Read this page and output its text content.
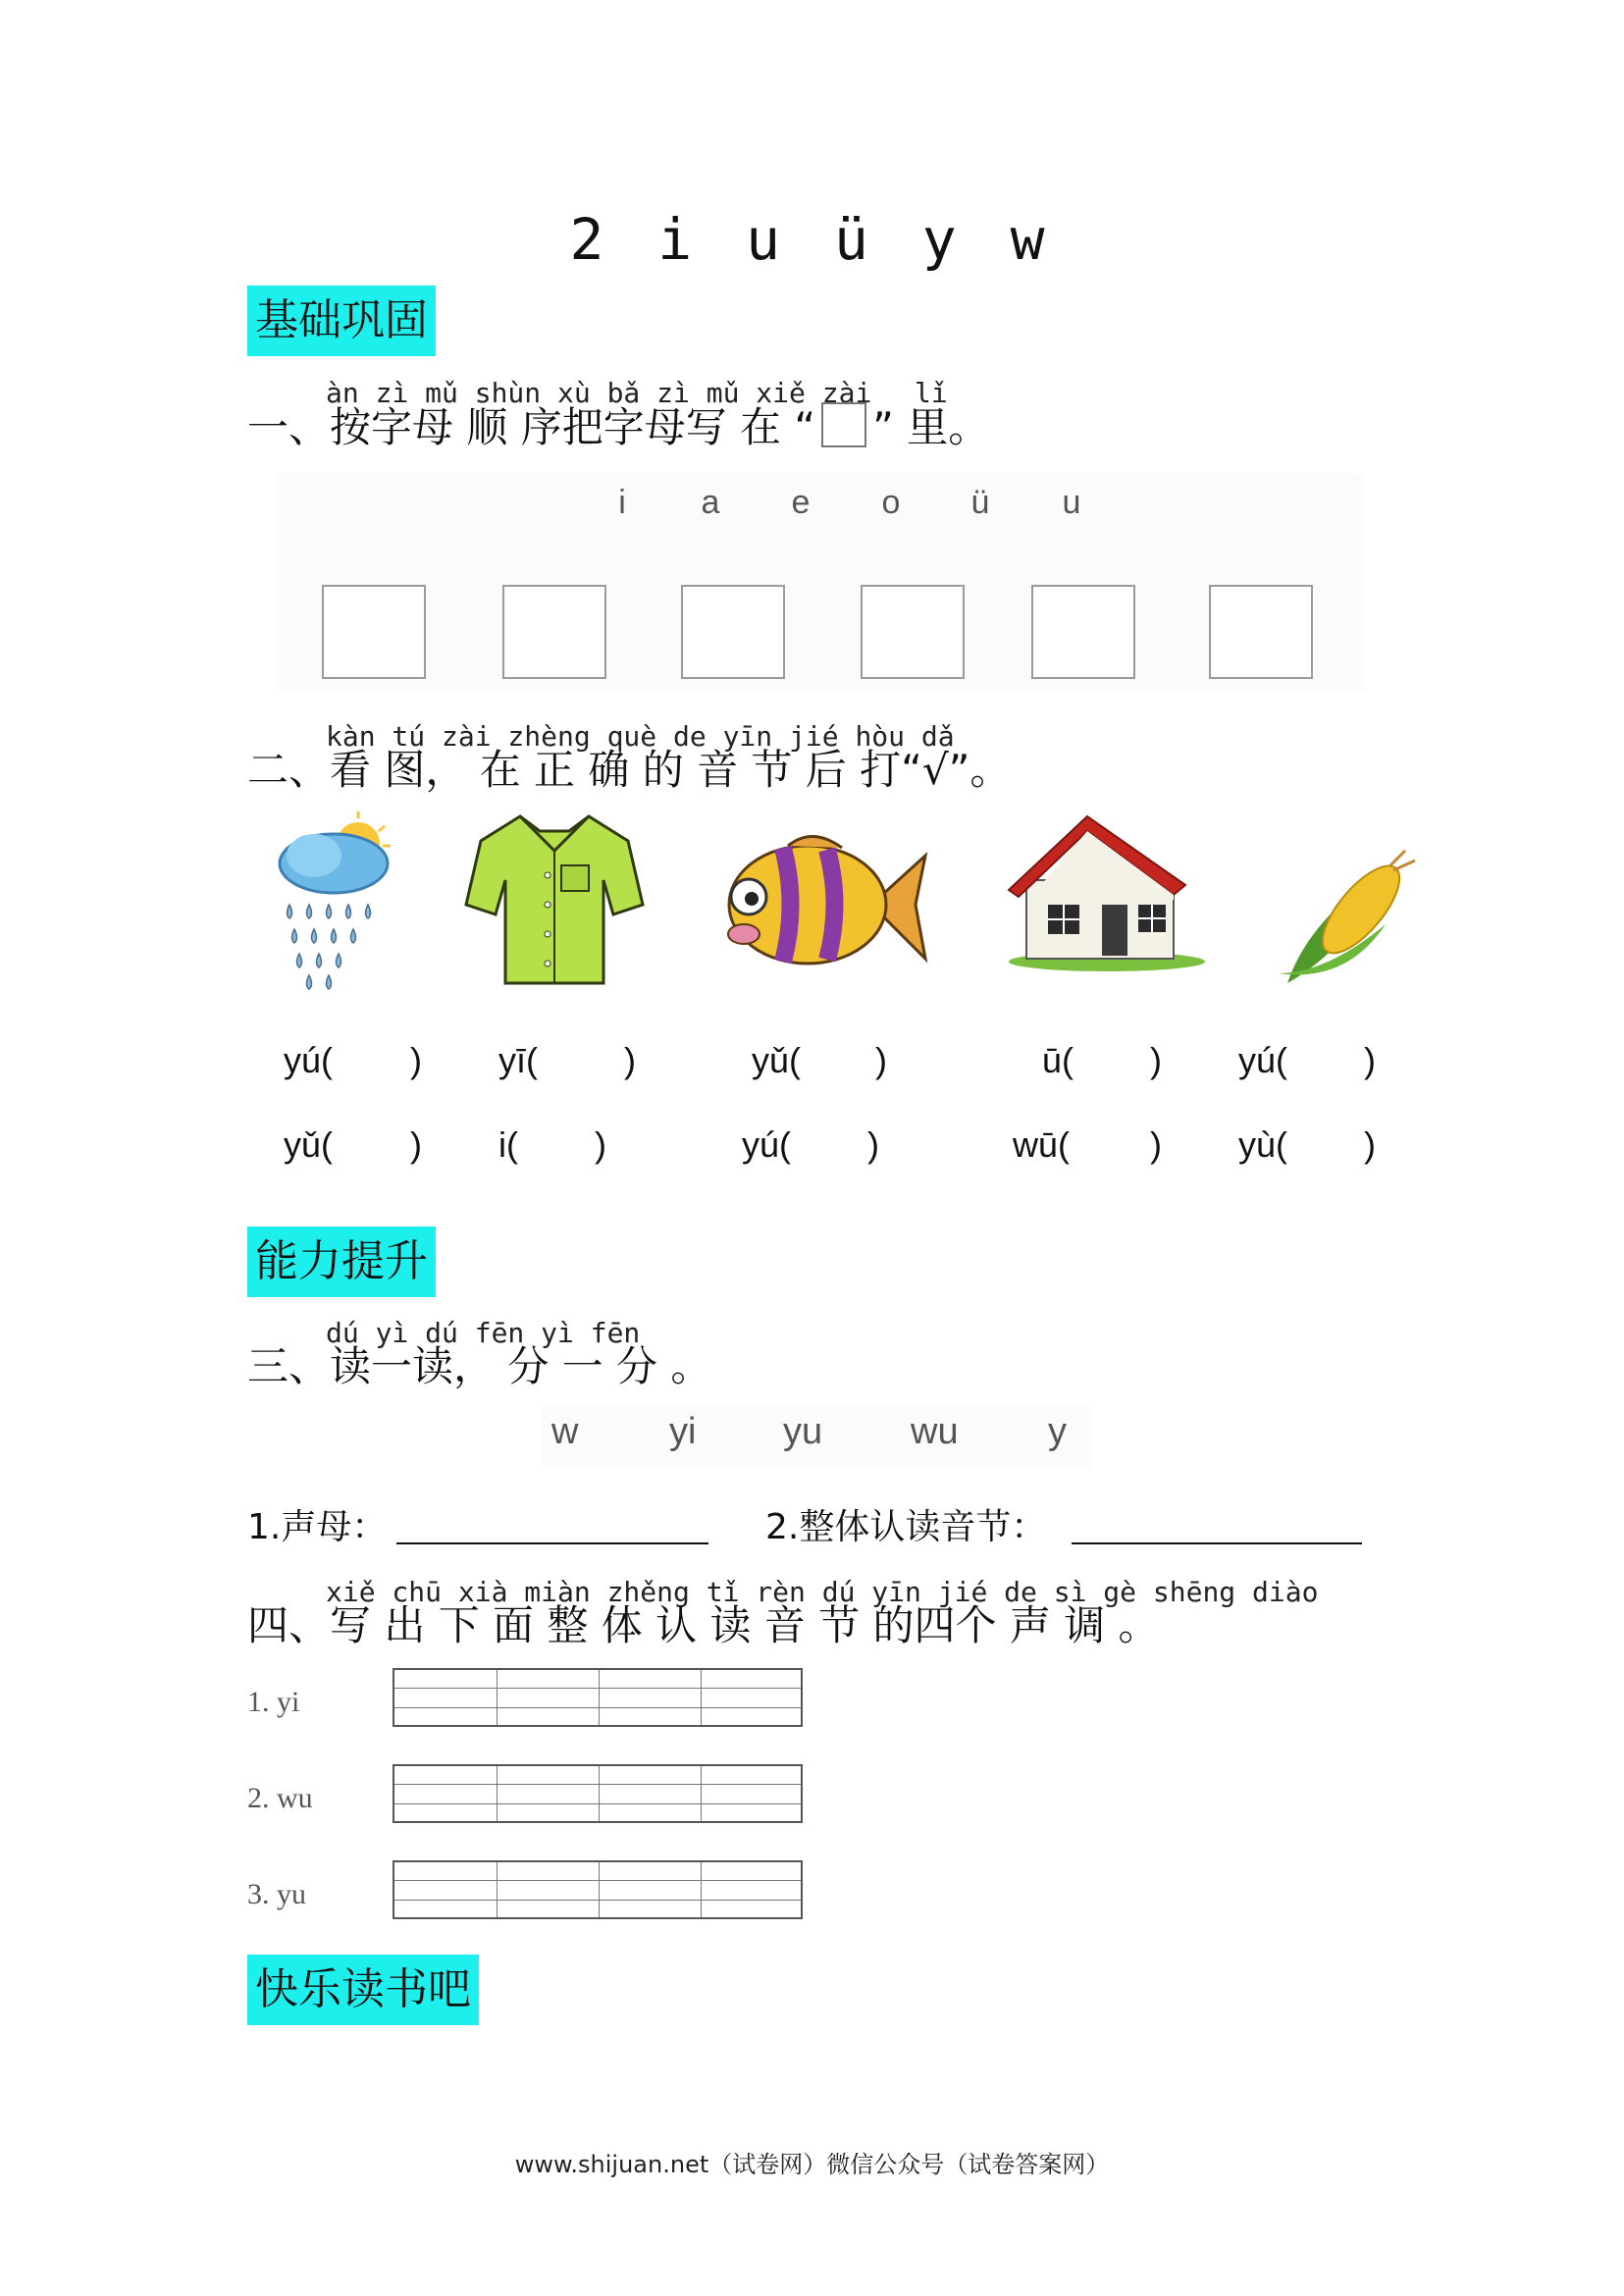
2 i u ü y w
基础巩固
àn zì mǔ shùn xù bǎ zì mǔ xiě zài lǐ
一、按字母 顺 序把字母写 在 “ ” 里。
i	a	e	o	ü	u
kàn tú zài zhèng què de yīn jié hòu dǎ
二、看 图， 在 正 确 的 音 节 后 打“√”。
yú( ) yī( )	yǔ( )	ū( ) yú( )
yǔ( ) i( )	yú( )	wū( ) yù( )
能力提升
dú yì dú fēn yì fēn
三、读一读， 分 一 分 。
w yi yu wu y
1.声母：	2.整体认读音节：
xiě chū xià miàn zhěng tǐ rèn dú yīn jié de sì gè shēng diào
四、写 出 下 面 整 体 认 读 音 节 的四个 声 调 。
1. yi
2. wu
3. yu
快乐读书吧
www.shijuan.net（试卷网）微信公众号（试卷答案网）
